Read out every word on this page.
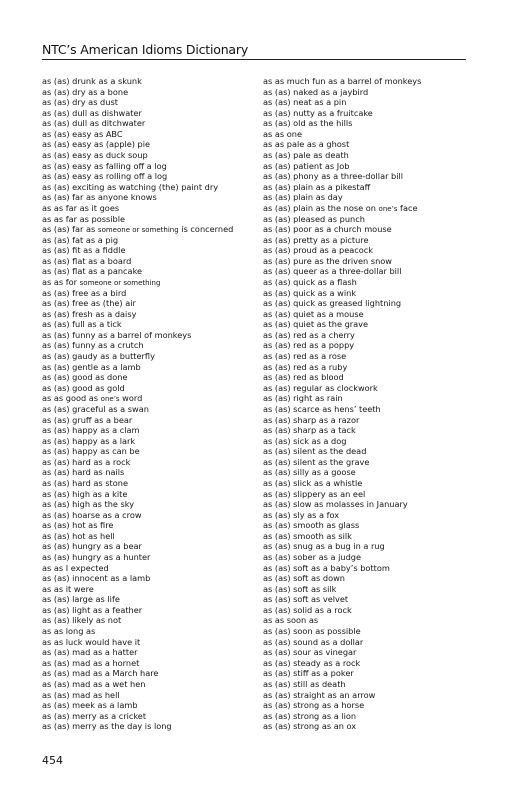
NTC’s American Idioms Dictionary
as (as) drunk as a skunk
as (as) dry as a bone
as (as) dry as dust
as (as) dull as dishwater
as (as) dull as ditchwater
as (as) easy as ABC
as (as) easy as (apple) pie
as (as) easy as duck soup
as (as) easy as falling off a log
as (as) easy as rolling off a log
as (as) exciting as watching (the) paint dry
as (as) far as anyone knows
as as far as it goes
as as far as possible
as (as) far as someone or something is concerned
as (as) fat as a pig
as (as) fit as a fiddle
as (as) flat as a board
as (as) flat as a pancake
as as for someone or something
as (as) free as a bird
as (as) free as (the) air
as (as) fresh as a daisy
as (as) full as a tick
as (as) funny as a barrel of monkeys
as (as) funny as a crutch
as (as) gaudy as a butterfly
as (as) gentle as a lamb
as (as) good as done
as (as) good as gold
as as good as one’s word
as (as) graceful as a swan
as (as) gruff as a bear
as (as) happy as a clam
as (as) happy as a lark
as (as) happy as can be
as (as) hard as a rock
as (as) hard as nails
as (as) hard as stone
as (as) high as a kite
as (as) high as the sky
as (as) hoarse as a crow
as (as) hot as fire
as (as) hot as hell
as (as) hungry as a bear
as (as) hungry as a hunter
as as I expected
as (as) innocent as a lamb
as as it were
as (as) large as life
as (as) light as a feather
as (as) likely as not
as as long as
as as luck would have it
as (as) mad as a hatter
as (as) mad as a hornet
as (as) mad as a March hare
as (as) mad as a wet hen
as (as) mad as hell
as (as) meek as a lamb
as (as) merry as a cricket
as (as) merry as the day is long
as as much fun as a barrel of monkeys
as (as) naked as a jaybird
as (as) neat as a pin
as (as) nutty as a fruitcake
as (as) old as the hills
as as one
as as pale as a ghost
as (as) pale as death
as (as) patient as Job
as (as) phony as a three-dollar bill
as (as) plain as a pikestaff
as (as) plain as day
as (as) plain as the nose on one’s face
as (as) pleased as punch
as (as) poor as a church mouse
as (as) pretty as a picture
as (as) proud as a peacock
as (as) pure as the driven snow
as (as) queer as a three-dollar bill
as (as) quick as a flash
as (as) quick as a wink
as (as) quick as greased lightning
as (as) quiet as a mouse
as (as) quiet as the grave
as (as) red as a cherry
as (as) red as a poppy
as (as) red as a rose
as (as) red as a ruby
as (as) red as blood
as (as) regular as clockwork
as (as) right as rain
as (as) scarce as hens’ teeth
as (as) sharp as a razor
as (as) sharp as a tack
as (as) sick as a dog
as (as) silent as the dead
as (as) silent as the grave
as (as) silly as a goose
as (as) slick as a whistle
as (as) slippery as an eel
as (as) slow as molasses in January
as (as) sly as a fox
as (as) smooth as glass
as (as) smooth as silk
as (as) snug as a bug in a rug
as (as) sober as a judge
as (as) soft as a baby’s bottom
as (as) soft as down
as (as) soft as silk
as (as) soft as velvet
as (as) solid as a rock
as as soon as
as (as) soon as possible
as (as) sound as a dollar
as (as) sour as vinegar
as (as) steady as a rock
as (as) stiff as a poker
as (as) still as death
as (as) straight as an arrow
as (as) strong as a horse
as (as) strong as a lion
as (as) strong as an ox
454
